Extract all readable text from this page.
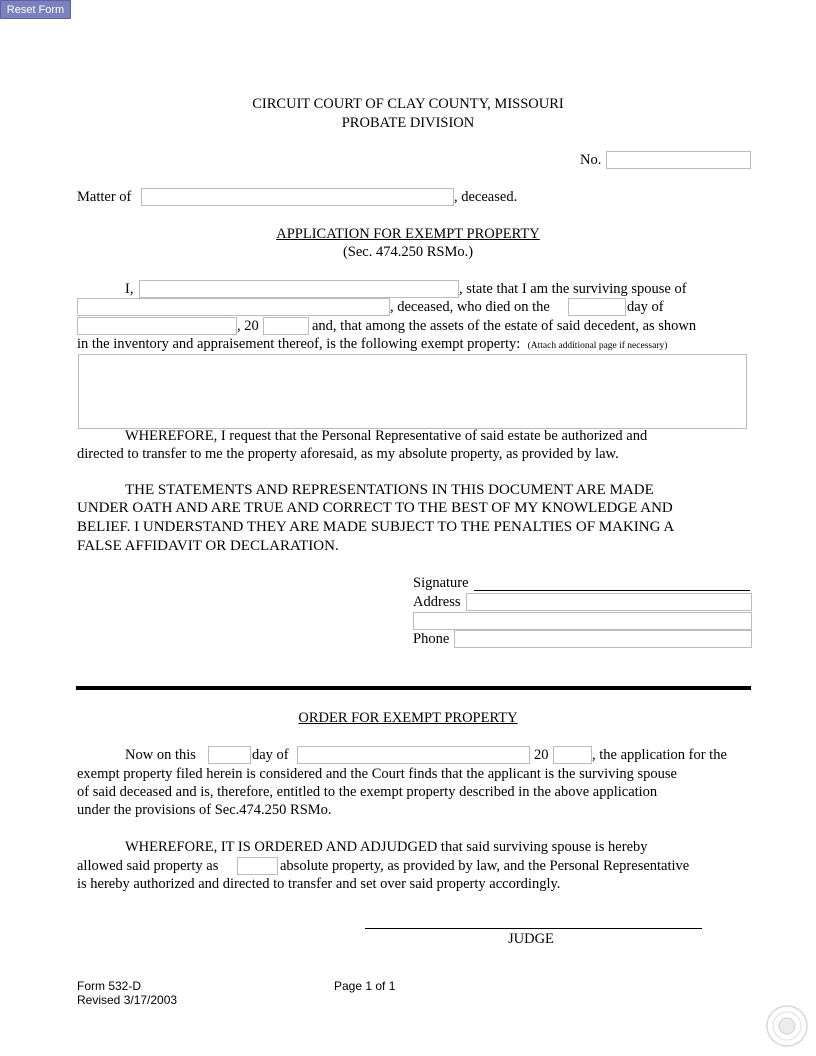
Reset Form
CIRCUIT COURT OF CLAY COUNTY, MISSOURI
PROBATE DIVISION
No.
Matter of	, deceased.
APPLICATION FOR EXEMPT PROPERTY
(Sec. 474.250 RSMo.)
I,	, state that I am the surviving spouse of
, deceased, who died on the	day of
, 20	and, that among the assets of the estate of said decedent, as shown
in the inventory and appraisement thereof, is the following exempt property: (Attach additional page if necessary)
WHEREFORE, I request that the Personal Representative of said estate be authorized and
directed to transfer to me the property aforesaid, as my absolute property, as provided by law.
THE STATEMENTS AND REPRESENTATIONS IN THIS DOCUMENT ARE MADE
UNDER OATH AND ARE TRUE AND CORRECT TO THE BEST OF MY KNOWLEDGE AND
BELIEF. I UNDERSTAND THEY ARE MADE SUBJECT TO THE PENALTIES OF MAKING A
FALSE AFFIDAVIT OR DECLARATION.
Signature
Address
Phone
ORDER FOR EXEMPT PROPERTY
Now on this	day of	20	, the application for the
exempt property filed herein is considered and the Court finds that the applicant is the surviving spouse
of said deceased and is, therefore, entitled to the exempt property described in the above application
under the provisions of Sec.474.250 RSMo.
WHEREFORE, IT IS ORDERED AND ADJUDGED that said surviving spouse is hereby
allowed said property as	absolute property, as provided by law, and the Personal Representative
is hereby authorized and directed to transfer and set over said property accordingly.
JUDGE
Form 532-D
Revised 3/17/2003
Page 1 of 1
